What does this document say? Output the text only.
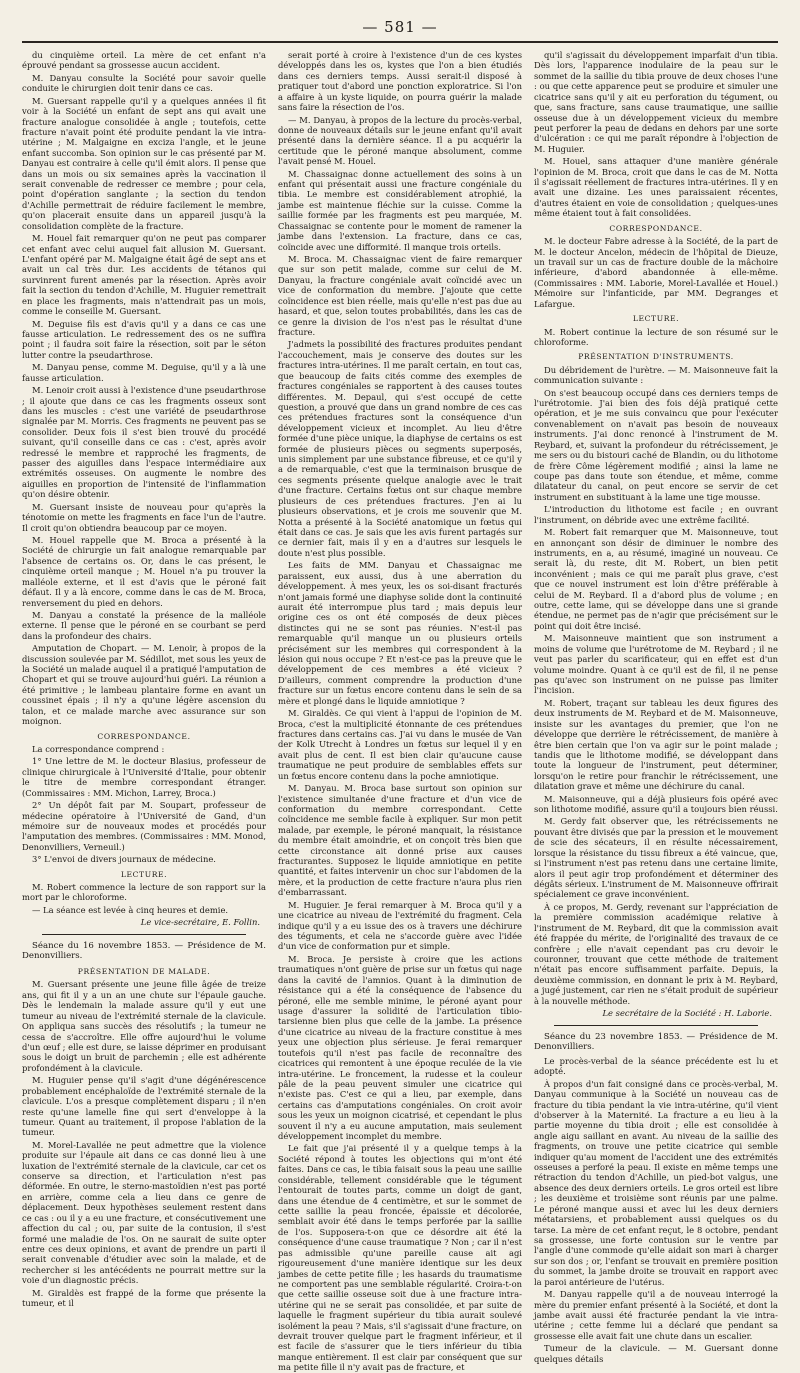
— 581 —

du cinquième orteil. La mère de cet enfant n'a éprouvé pendant sa grossesse aucun accident.

M. Danyau consulte la Société pour savoir quelle conduite le chirurgien doit tenir dans ce cas.

M. Guersant rappelle qu'il y a quelques années il fit voir à la Société un enfant de sept ans qui avait une fracture analogue consolidée à angle ; toutefois, cette fracture n'avait point été produite pendant la vie intra-utérine ; M. Malgaigne en exciza l'angle, et le jeune enfant succomba. Son opinion sur le cas présenté par M. Danyau est contraire à celle qu'il émit alors. Il pense que dans un mois ou six semaines après la vaccination il serait convenable de redresser ce membre ; pour cela, point d'opération sanglante ; la section du tendon d'Achille permettrait de réduire facilement le membre, qu'on placerait ensuite dans un appareil jusqu'à la consolidation complète de la fracture.

M. Houel fait remarquer qu'on ne peut pas comparer cet enfant avec celui auquel fait allusion M. Guersant. L'enfant opéré par M. Malgaigne était âgé de sept ans et avait un cal très dur. Les accidents de tétanos qui survinrent furent amenés par la résection. Après avoir fait la section du tendon d'Achille, M. Huguier remettrait en place les fragments, mais n'attendrait pas un mois, comme le conseille M. Guersant.

M. Deguise fils est d'avis qu'il y a dans ce cas une fausse articulation. Le redressement des os ne suffira point ; il faudra soit faire la résection, soit par le séton lutter contre la pseudarthrose.

M. Danyau pense, comme M. Deguise, qu'il y a là une fausse articulation.

M. Lenoir croit aussi à l'existence d'une pseudarthrose ; il ajoute que dans ce cas les fragments osseux sont dans les muscles : c'est une variété de pseudarthrose signalée par M. Morris. Ces fragments ne peuvent pas se consolider. Deux fois il s'est bien trouvé du procédé suivant, qu'il conseille dans ce cas : c'est, après avoir redressé le membre et rapproché les fragments, de passer des aiguilles dans l'espace intermédiaire aux extrémités osseuses. On augmente le nombre des aiguilles en proportion de l'intensité de l'inflammation qu'on désire obtenir.

M. Guersant insiste de nouveau pour qu'après la ténotomie on mette les fragments en face l'un de l'autre. Il croit qu'on obtiendra beaucoup par ce moyen.

M. Houel rappelle que M. Broca a présenté à la Société de chirurgie un fait analogue remarquable par l'absence de certains os. Or, dans le cas présent, le cinquième orteil manque ; M. Houel n'a pu trouver la malléole externe, et il est d'avis que le péroné fait défaut. Il y a là encore, comme dans le cas de M. Broca, renversement du pied en dehors.

M. Danyau a constaté la présence de la malléole externe. Il pense que le péroné en se courbant se perd dans la profondeur des chairs.

Amputation de Chopart. — M. Lenoir, à propos de la discussion soulevée par M. Sédillot, met sous les yeux de la Société un malade auquel il a pratiqué l'amputation de Chopart et qui se trouve aujourd'hui guéri. La réunion a été primitive ; le lambeau plantaire forme en avant un coussinet épais ; il n'y a qu'une légère ascension du talon, et ce malade marche avec assurance sur son moignon.

CORRESPONDANCE.

La correspondance comprend :

1° Une lettre de M. le docteur Blasius, professeur de clinique chirurgicale à l'Université d'Italie, pour obtenir le titre de membre correspondant étranger. (Commissaires : MM. Michon, Larrey, Broca.)

2° Un dépôt fait par M. Soupart, professeur de médecine opératoire à l'Université de Gand, d'un mémoire sur de nouveaux modes et procédés pour l'amputation des membres. (Commissaires : MM. Monod, Denonvilliers, Verneuil.)

3° L'envoi de divers journaux de médecine.

LECTURE.

M. Robert commence la lecture de son rapport sur la mort par le chloroforme.

— La séance est levée à cinq heures et demie.

Le vice-secrétaire, E. Follin.

Séance du 16 novembre 1853. — Présidence de M. Denonvilliers.

PRÉSENTATION DE MALADE.

M. Guersant présente une jeune fille âgée de treize ans, qui fit il y a un an une chute sur l'épaule gauche. Dès le lendemain la malade assure qu'il y eut une tumeur au niveau de l'extrémité sternale de la clavicule. On appliqua sans succès des résolutifs ; la tumeur ne cessa de s'accroître. Elle offre aujourd'hui le volume d'un œuf ; elle est dure, se laisse déprimer en produisant sous le doigt un bruit de parchemin ; elle est adhérente profondément à la clavicule.

M. Huguier pense qu'il s'agit d'une dégénérescence probablement encéphaloïde de l'extrémité sternale de la clavicule. L'os a presque complètement disparu ; il n'en reste qu'une lamelle fine qui sert d'enveloppe à la tumeur. Quant au traitement, il propose l'ablation de la tumeur.

M. Morel-Lavallée ne peut admettre que la violence produite sur l'épaule ait dans ce cas donné lieu à une luxation de l'extrémité sternale de la clavicule, car cet os conserve sa direction, et l'articulation n'est pas déformée. En outre, le sterno-mastoïdien n'est pas porté en arrière, comme cela a lieu dans ce genre de déplacement. Deux hypothèses seulement restent dans ce cas : ou il y a eu une fracture, et consécutivement une affection du cal ; ou, par suite de la contusion, il s'est formé une maladie de l'os. On ne saurait de suite opter entre ces deux opinions, et avant de prendre un parti il serait convenable d'étudier avec soin la malade, et de rechercher si les antécédents ne pourrait mettre sur la voie d'un diagnostic précis.

M. Giraldès est frappé de la forme que présente la tumeur, et il

serait porté à croire à l'existence d'un de ces kystes développés dans les os, kystes que l'on a bien étudiés dans ces derniers temps. Aussi serait-il disposé à pratiquer tout d'abord une ponction exploratrice. Si l'on a affaire à un kyste liquide, on pourra guérir la malade sans faire la résection de l'os.

— M. Danyau, à propos de la lecture du procès-verbal, donne de nouveaux détails sur le jeune enfant qu'il avait présenté dans la dernière séance. Il a pu acquérir la certitude que le péroné manque absolument, comme l'avait pensé M. Houel.

M. Chassaignac donne actuellement des soins à un enfant qui présentait aussi une fracture congéniale du tibia. Le membre est considérablement atrophié, la jambe est maintenue fléchie sur la cuisse. Comme la saillie formée par les fragments est peu marquée, M. Chassaignac se contente pour le moment de ramener la jambe dans l'extension. La fracture, dans ce cas, coïncide avec une difformité. Il manque trois orteils.

M. Broca. M. Chassaignac vient de faire remarquer que sur son petit malade, comme sur celui de M. Danyau, la fracture congéniale avait coïncidé avec un vice de conformation du membre. J'ajoute que cette coïncidence est bien réelle, mais qu'elle n'est pas due au hasard, et que, selon toutes probabilités, dans les cas de ce genre la division de l'os n'est pas le résultat d'une fracture.

J'admets la possibilité des fractures produites pendant l'accouchement, mais je conserve des doutes sur les fractures intra-utérines. Il me paraît certain, en tout cas, que beaucoup de faits cités comme des exemples de fractures congéniales se rapportent à des causes toutes différentes. M. Depaul, qui s'est occupé de cette question, a prouvé que dans un grand nombre de ces cas ces prétendues fractures sont la conséquence d'un développement vicieux et incomplet. Au lieu d'être formée d'une pièce unique, la diaphyse de certains os est formée de plusieurs pièces ou segments superposés, unis simplement par une substance fibreuse, et ce qu'il y a de remarquable, c'est que la terminaison brusque de ces segments présente quelque analogie avec le trait d'une fracture. Certains fœtus ont sur chaque membre plusieurs de ces prétendues fractures. J'en ai lu plusieurs observations, et je crois me souvenir que M. Notta a présenté à la Société anatomique un fœtus qui était dans ce cas. Je sais que les avis furent partagés sur ce dernier fait, mais il y en a d'autres sur lesquels le doute n'est plus possible.

Les faits de MM. Danyau et Chassaignac me paraissent, eux aussi, dus à une aberration du développement. À mes yeux, les os soi-disant fracturés n'ont jamais formé une diaphyse solide dont la continuité aurait été interrompue plus tard ; mais depuis leur origine ces os ont été composés de deux pièces distinctes qui ne se sont pas réunies. N'est-il pas remarquable qu'il manque un ou plusieurs orteils précisément sur les membres qui correspondent à la lésion qui nous occupe ? Et n'est-ce pas la preuve que le développement de ces membres a été vicieux ? D'ailleurs, comment comprendre la production d'une fracture sur un fœtus encore contenu dans le sein de sa mère et plongé dans le liquide amniotique ?

M. Giraldès. Ce qui vient à l'appui de l'opinion de M. Broca, c'est la multiplicité étonnante de ces prétendues fractures dans certains cas. J'ai vu dans le musée de Van der Kolk Utrecht à Londres un fœtus sur lequel il y en avait plus de cent. Il est bien clair qu'aucune cause traumatique ne peut produire de semblables effets sur un fœtus encore contenu dans la poche amniotique.

M. Danyau. M. Broca base surtout son opinion sur l'existence simultanée d'une fracture et d'un vice de conformation du membre correspondant. Cette coïncidence me semble facile à expliquer. Sur mon petit malade, par exemple, le péroné manquait, la résistance du membre était amoindrie, et on conçoit très bien que cette circonstance ait donné prise aux causes fracturantes. Supposez le liquide amniotique en petite quantité, et faites intervenir un choc sur l'abdomen de la mère, et la production de cette fracture n'aura plus rien d'embarrassant.

M. Huguier. Je ferai remarquer à M. Broca qu'il y a une cicatrice au niveau de l'extrémité du fragment. Cela indique qu'il y a eu issue des os à travers une déchirure des téguments, et cela ne s'accorde guère avec l'idée d'un vice de conformation pur et simple.

M. Broca. Je persiste à croire que les actions traumatiques n'ont guère de prise sur un fœtus qui nage dans la cavité de l'amnios. Quant à la diminution de résistance qui a été la conséquence de l'absence du péroné, elle me semble minime, le péroné ayant pour usage d'assurer la solidité de l'articulation tibio-tarsienne bien plus que celle de la jambe. La présence d'une cicatrice au niveau de la fracture constitue à mes yeux une objection plus sérieuse. Je ferai remarquer toutefois qu'il n'est pas facile de reconnaître des cicatrices qui remontent à une époque reculée de la vie intra-utérine. Le froncement, la rudesse et la couleur pâle de la peau peuvent simuler une cicatrice qui n'existe pas. C'est ce qui a lieu, par exemple, dans certains cas d'amputations congéniales. On croit avoir sous les yeux un moignon cicatrisé, et cependant le plus souvent il n'y a eu aucune amputation, mais seulement développement incomplet du membre.

Le fait que j'ai présenté il y a quelque temps à la Société répond à toutes les objections qui m'ont été faites. Dans ce cas, le tibia faisait sous la peau une saillie considérable, tellement considérable que le tégument l'entourait de toutes parts, comme un doigt de gant, dans une étendue de 4 centimètre, et sur le sommet de cette saillie la peau froncée, épaissie et décolorée, semblait avoir été dans le temps perforée par la saillie de l'os. Supposera-t-on que ce désordre ait été la conséquence d'une cause traumatique ? Non ; car il n'est pas admissible qu'une pareille cause ait agi rigoureusement d'une manière identique sur les deux jambes de cette petite fille ; les hasards du traumatisme ne comportent pas une semblable régularité. Croira-t-on que cette saillie osseuse soit due à une fracture intra-utérine qui ne se serait pas consolidée, et par suite de laquelle le fragment supérieur du tibia aurait soulevé isolément la peau ? Mais, s'il s'agissait d'une fracture, on devrait trouver quelque part le fragment inférieur, et il est facile de s'assurer que le tiers inférieur du tibia manque entièrement. Il est clair par conséquent que sur ma petite fille il n'y avait pas de fracture, et

qu'il s'agissait du développement imparfait d'un tibia. Dès lors, l'apparence inodulaire de la peau sur le sommet de la saillie du tibia prouve de deux choses l'une : ou que cette apparence peut se produire et simuler une cicatrice sans qu'il y ait eu perforation du tégument, ou que, sans fracture, sans cause traumatique, une saillie osseuse due à un développement vicieux du membre peut perforer la peau de dedans en dehors par une sorte d'ulcération : ce qui me paraît répondre à l'objection de M. Huguier.

M. Houel, sans attaquer d'une manière générale l'opinion de M. Broca, croit que dans le cas de M. Notta il s'agissait réellement de fractures intra-utérines. Il y en avait une dizaine. Les unes paraissaient récentes, d'autres étaient en voie de consolidation ; quelques-unes même étaient tout à fait consolidées.

CORRESPONDANCE.

M. le docteur Fabre adresse à la Société, de la part de M. le docteur Ancelon, médecin de l'hôpital de Dieuze, un travail sur un cas de fracture double de la mâchoire inférieure, d'abord abandonnée à elle-même. (Commissaires : MM. Laborie, Morel-Lavallée et Houel.) Mémoire sur l'infanticide, par MM. Degranges et Lafargue.

LECTURE.

M. Robert continue la lecture de son résumé sur le chloroforme.

PRÉSENTATION D'INSTRUMENTS.

Du débridement de l'urètre. — M. Maisonneuve fait la communication suivante :

On s'est beaucoup occupé dans ces derniers temps de l'urétrotomie. J'ai bien des fois déjà pratiqué cette opération, et je me suis convaincu que pour l'exécuter convenablement on n'avait pas besoin de nouveaux instruments. J'ai donc renoncé à l'instrument de M. Reybard, et, suivant la profondeur du rétrécissement, je me sers ou du bistouri caché de Blandin, ou du lithotome de frère Côme légèrement modifié ; ainsi la lame ne coupe pas dans toute son étendue, et même, comme dilatateur du canal, on peut encore se servir de cet instrument en substituant à la lame une tige mousse.

L'introduction du lithotome est facile ; en ouvrant l'instrument, on débride avec une extrême facilité.

M. Robert fait remarquer que M. Maisonneuve, tout en annonçant son désir de diminuer le nombre des instruments, en a, au résumé, imaginé un nouveau. Ce serait là, du reste, dit M. Robert, un bien petit inconvénient ; mais ce qui me paraît plus grave, c'est que ce nouvel instrument est loin d'être préférable à celui de M. Reybard. Il a d'abord plus de volume ; en outre, cette lame, qui se développe dans une si grande étendue, ne permet pas de n'agir que précisément sur le point qui doit être incisé.

M. Maisonneuve maintient que son instrument a moins de volume que l'urétrotome de M. Reybard ; il ne veut pas parler du scarificateur, qui en effet est d'un volume moindre. Quant à ce qu'il est de fil, il ne pense pas qu'avec son instrument on ne puisse pas limiter l'incision.

M. Robert, traçant sur tableau les deux figures des deux instruments de M. Reybard et de M. Maisonneuve, insiste sur les avantages du premier, que l'on ne développe que derrière le rétrécissement, de manière à être bien certain que l'on va agir sur le point malade ; tandis que le lithotome modifié, se développant dans toute la longueur de l'instrument, peut déterminer, lorsqu'on le retire pour franchir le rétrécissement, une dilatation grave et même une déchirure du canal.

M. Maisonneuve, qui a déjà plusieurs fois opéré avec son lithotome modifié, assure qu'il a toujours bien réussi.

M. Gerdy fait observer que, les rétrécissements ne pouvant être divisés que par la pression et le mouvement de scie des sécateurs, il en résulte nécessairement, lorsque la résistance du tissu fibreux a été vaincue, que, si l'instrument n'est pas retenu dans une certaine limite, alors il peut agir trop profondément et déterminer des dégâts sérieux. L'instrument de M. Maisonneuve offrirait spécialement ce grave inconvénient.

À ce propos, M. Gerdy, revenant sur l'appréciation de la première commission académique relative à l'instrument de M. Reybard, dit que la commission avait été frappée du mérite, de l'originalité des travaux de ce confrère ; elle n'avait cependant pas cru devoir le couronner, trouvant que cette méthode de traitement n'était pas encore suffisamment parfaite. Depuis, la deuxième commission, en donnant le prix à M. Reybard, a jugé justement, car rien ne s'était produit de supérieur à la nouvelle méthode.

Le secrétaire de la Société : H. Laborie.

Séance du 23 novembre 1853. — Présidence de M. Denonvilliers.

Le procès-verbal de la séance précédente est lu et adopté.

À propos d'un fait consigné dans ce procès-verbal, M. Danyau communique à la Société un nouveau cas de fracture du tibia pendant la vie intra-utérine, qu'il vient d'observer à la Maternité. La fracture a eu lieu à la partie moyenne du tibia droit ; elle est consolidée à angle aigu saillant en avant. Au niveau de la saillie des fragments, on trouve une petite cicatrice qui semble indiquer qu'au moment de l'accident une des extrémités osseuses a perforé la peau. Il existe en même temps une rétraction du tendon d'Achille, un pied-bot valgus, une absence des deux derniers orteils. Le gros orteil est libre ; les deuxième et troisième sont réunis par une palme. Le péroné manque aussi et avec lui les deux derniers métatarsiens, et probablement aussi quelques os du tarse. La mère de cet enfant reçut, le 8 octobre, pendant sa grossesse, une forte contusion sur le ventre par l'angle d'une commode qu'elle aidait son mari à charger sur son dos ; or, l'enfant se trouvait en première position du sommet, la jambe droite se trouvait en rapport avec la paroi antérieure de l'utérus.

M. Danyau rappelle qu'il a de nouveau interrogé la mère du premier enfant présenté à la Société, et dont la jambe avait aussi été fracturée pendant la vie intra-utérine ; cette femme lui a déclaré que pendant sa grossesse elle avait fait une chute dans un escalier.

Tumeur de la clavicule. — M. Guersant donne quelques détails
